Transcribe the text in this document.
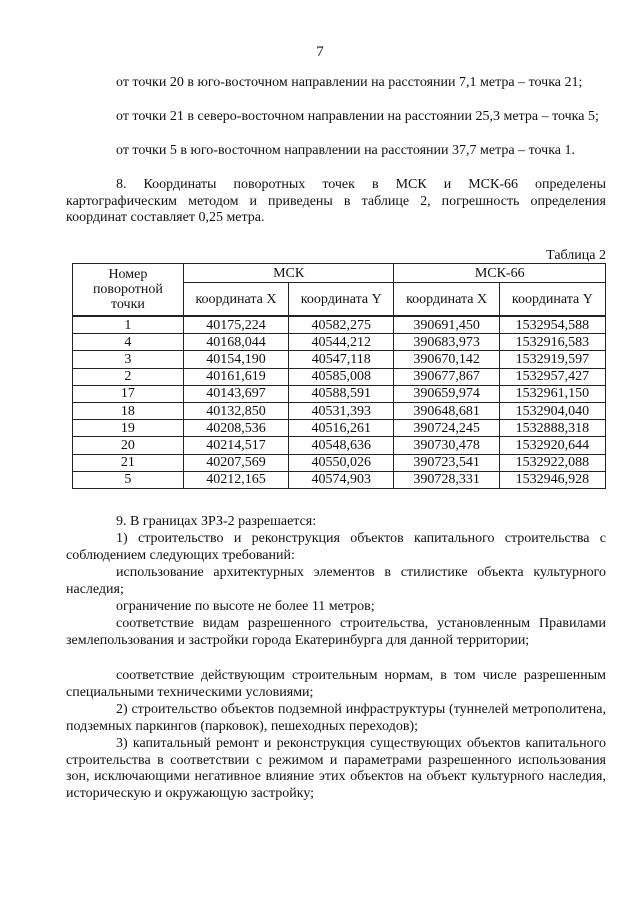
7

от точки 20 в юго-восточном направлении на расстоянии 7,1 метра – точка 21;

от точки 21 в северо-восточном направлении на расстоянии 25,3 метра – точка 5;

от точки 5 в юго-восточном направлении на расстоянии 37,7 метра – точка 1.

8. Координаты поворотных точек в МСК и МСК-66 определены картографическим методом и приведены в таблице 2, погрешность определения координат составляет 0,25 метра.

Таблица 2
Номер поворотной точки	МСК		МСК-66	
	координата X	координата Y	координата X	координата Y
1	40175,224	40582,275	390691,450	1532954,588
4	40168,044	40544,212	390683,973	1532916,583
3	40154,190	40547,118	390670,142	1532919,597
2	40161,619	40585,008	390677,867	1532957,427
17	40143,697	40588,591	390659,974	1532961,150
18	40132,850	40531,393	390648,681	1532904,040
19	40208,536	40516,261	390724,245	1532888,318
20	40214,517	40548,636	390730,478	1532920,644
21	40207,569	40550,026	390723,541	1532922,088
5	40212,165	40574,903	390728,331	1532946,928

9. В границах ЗРЗ-2 разрешается:

1) строительство и реконструкция объектов капитального строительства с соблюдением следующих требований:

использование архитектурных элементов в стилистике объекта культурного наследия;

ограничение по высоте не более 11 метров;

соответствие видам разрешенного строительства, установленным Правилами землепользования и застройки города Екатеринбурга для данной территории;

соответствие действующим строительным нормам, в том числе разрешенным специальными техническими условиями;

2) строительство объектов подземной инфраструктуры (туннелей метрополитена, подземных паркингов (парковок), пешеходных переходов);

3) капитальный ремонт и реконструкция существующих объектов капитального строительства в соответствии с режимом и параметрами разрешенного использования зон, исключающими негативное влияние этих объектов на объект культурного наследия, историческую и окружающую застройку;
